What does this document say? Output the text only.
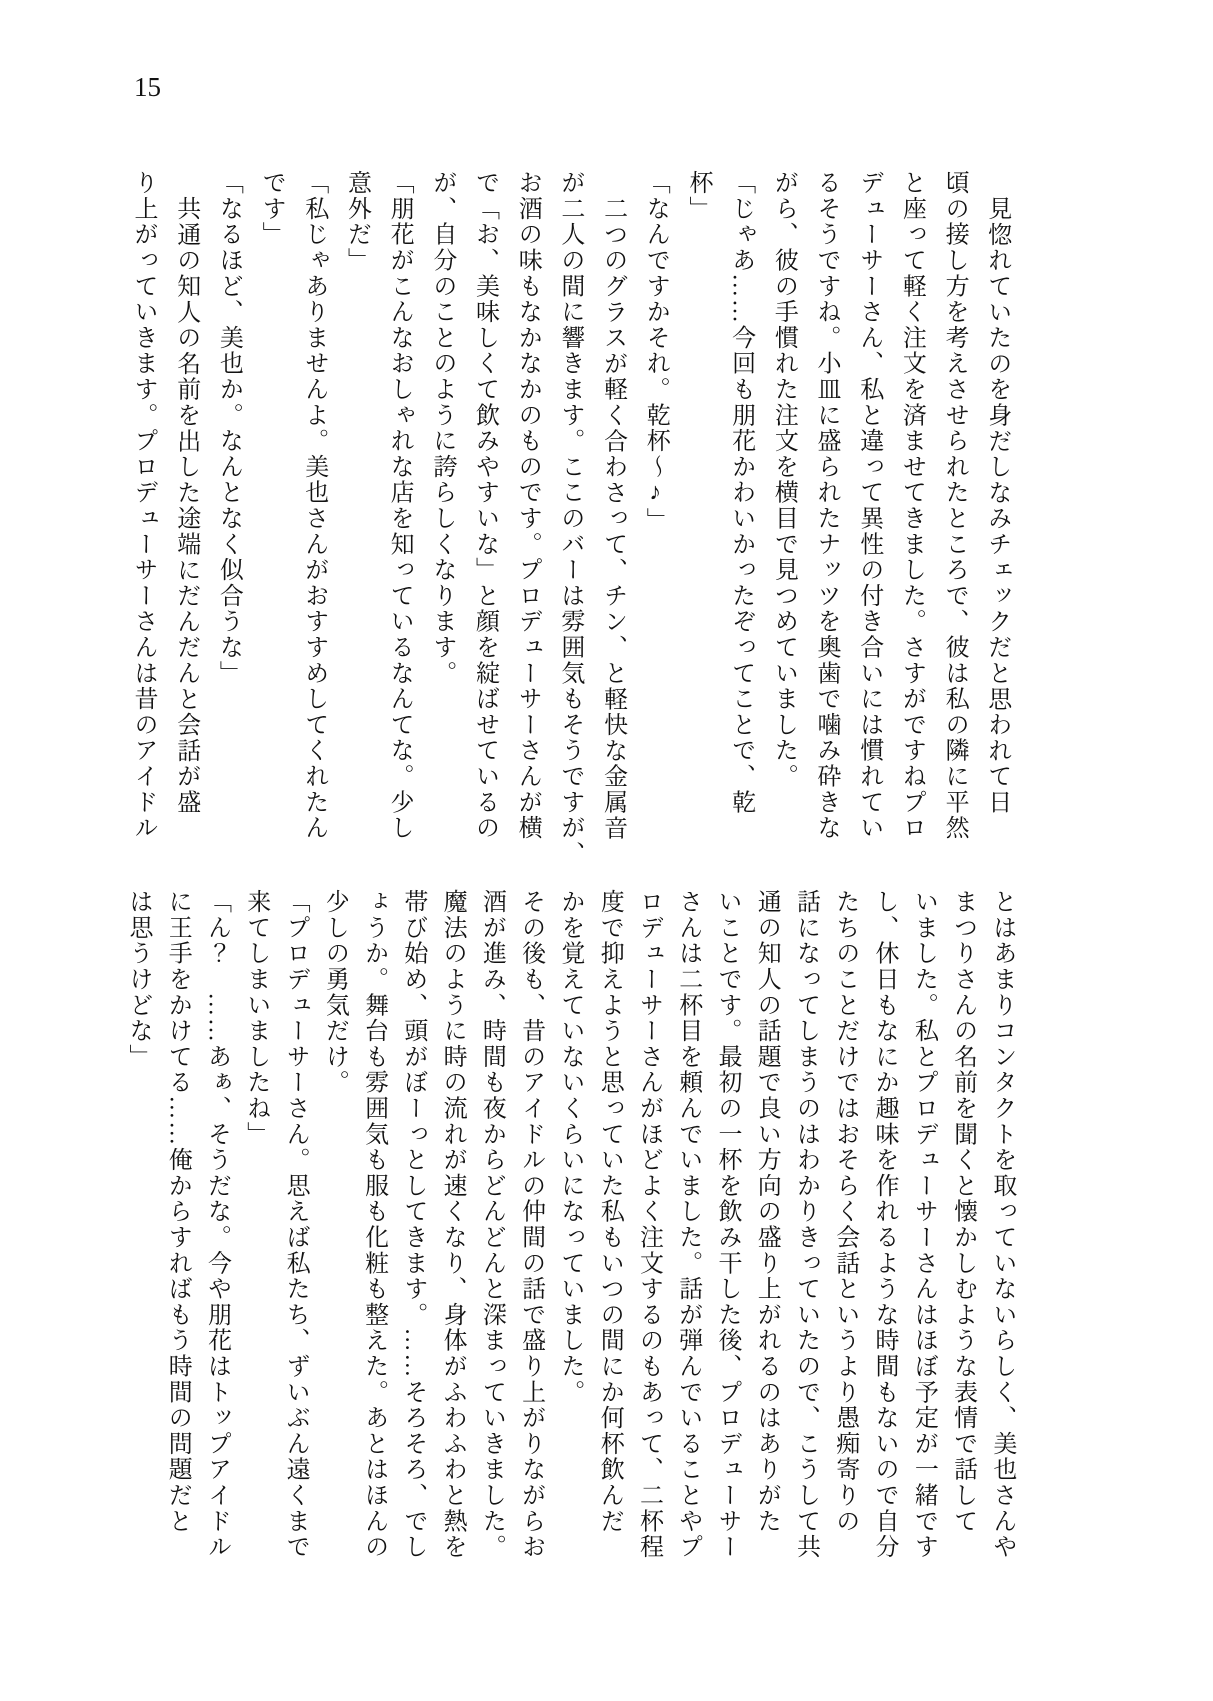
15
見惚れていたのを身だしなみチェックだと思われて日
頃の接し方を考えさせられたところで、彼は私の隣に平然
と座って軽く注文を済ませてきました。さすがですねプロ
デューサーさん、私と違って異性の付き合いには慣れてい
るそうですね。小皿に盛られたナッツを奥歯で噛み砕きな
がら、彼の手慣れた注文を横目で見つめていました。
「じゃあ……今回も朋花かわいかったぞってことで、乾
杯」
「なんですかそれ。乾杯〜♪」
二つのグラスが軽く合わさって、チン、と軽快な金属音
が二人の間に響きます。ここのバーは雰囲気もそうですが、
お酒の味もなかなかのものです。プロデューサーさんが横
で「お、美味しくて飲みやすいな」と顔を綻ばせているの
が、自分のことのように誇らしくなります。
「朋花がこんなおしゃれな店を知っているなんてな。少し
意外だ」
「私じゃありませんよ。美也さんがおすすめしてくれたん
です」
「なるほど、美也か。なんとなく似合うな」
共通の知人の名前を出した途端にだんだんと会話が盛
り上がっていきます。プロデューサーさんは昔のアイドル
とはあまりコンタクトを取っていないらしく、美也さんや
まつりさんの名前を聞くと懐かしむような表情で話して
いました。私とプロデューサーさんはほぼ予定が一緒です
し、休日もなにか趣味を作れるような時間もないので自分
たちのことだけではおそらく会話というより愚痴寄りの
話になってしまうのはわかりきっていたので、こうして共
通の知人の話題で良い方向の盛り上がれるのはありがた
いことです。最初の一杯を飲み干した後、プロデューサー
さんは二杯目を頼んでいました。話が弾んでいることやプ
ロデューサーさんがほどよく注文するのもあって、二杯程
度で抑えようと思っていた私もいつの間にか何杯飲んだ
かを覚えていないくらいになっていました。
その後も、昔のアイドルの仲間の話で盛り上がりながらお
酒が進み、時間も夜からどんどんと深まっていきました。
魔法のように時の流れが速くなり、身体がふわふわと熱を
帯び始め、頭がぼーっとしてきます。……そろそろ、でし
ょうか。舞台も雰囲気も服も化粧も整えた。あとはほんの
少しの勇気だけ。
「プロデューサーさん。思えば私たち、ずいぶん遠くまで
来てしまいましたね」
「ん？　……あぁ、そうだな。今や朋花はトップアイドル
に王手をかけてる……俺からすればもう時間の問題だと
は思うけどな」
